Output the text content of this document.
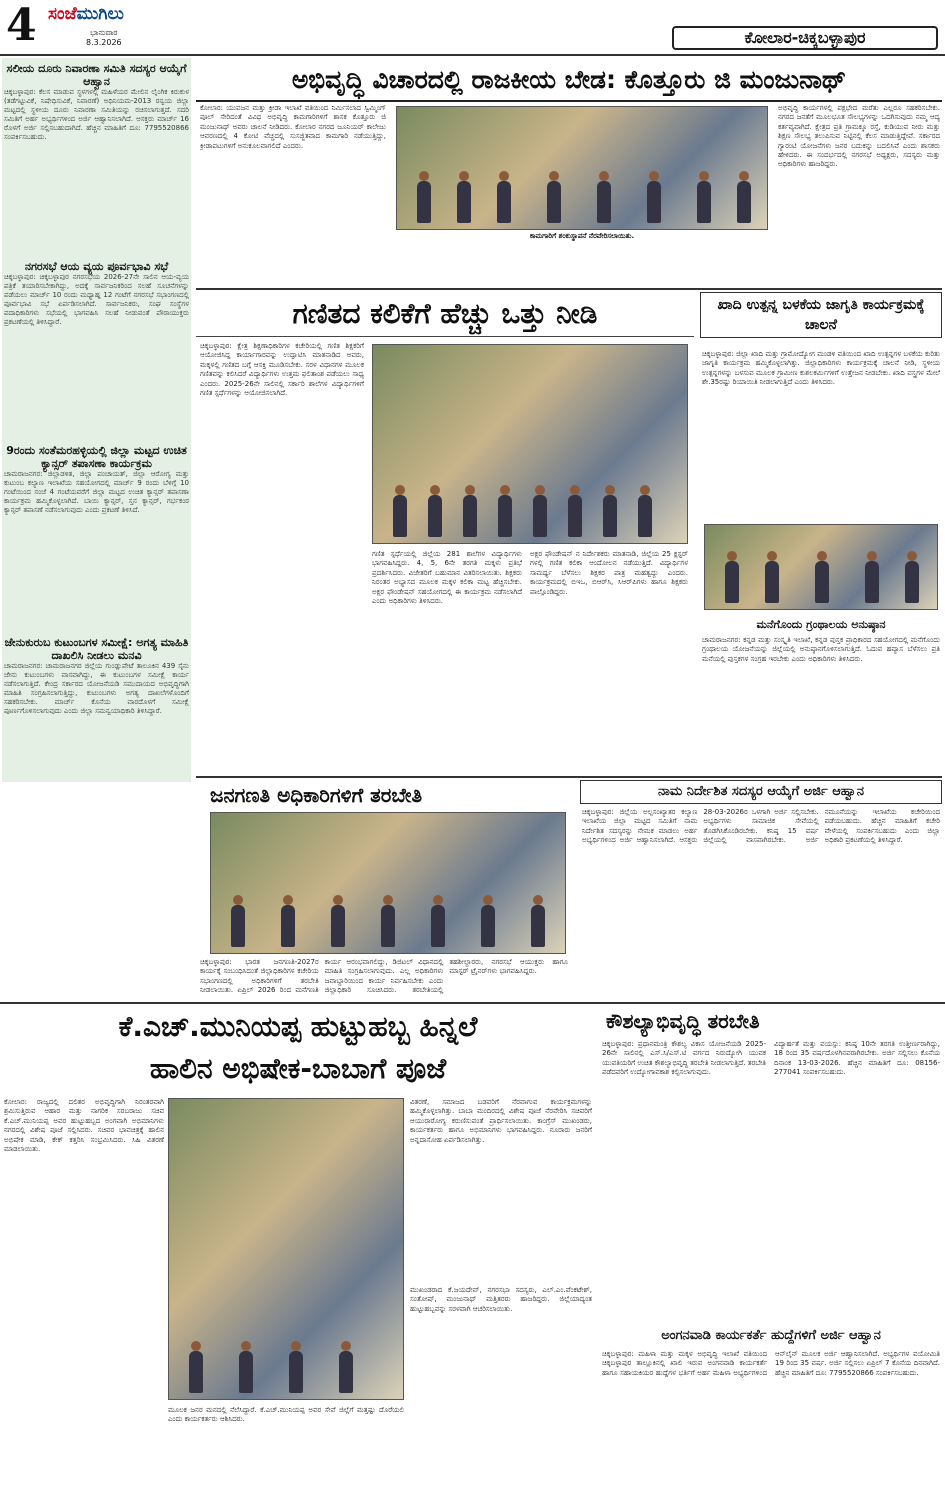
4 ಸಂಜೆಮುಗಿಲು
ಭಾನುವಾರ
8.3.2026	ಕೋಲಾರ-ಚಿಕ್ಕಬಳ್ಳಾಪುರ
ಸಲೀಯ ದೂರು ನಿವಾರಣಾ ಸಮಿತಿ ಸದಸ್ಯರ ಆಯ್ಕೆಗೆ ಆಹ್ವಾನ
ಚಿಕ್ಕಬಳ್ಳಾಪುರ: ಕೆಲಸ ಮಾಡುವ ಸ್ಥಳಗಳಲ್ಲಿ ಮಹಿಳೆಯರ ಮೇಲಿನ ಲೈಂಗಿಕ ಕಿರುಕುಳ (ತಡೆಗಟ್ಟುವಿಕೆ, ನಿಷೇಧಿಸುವಿಕೆ, ನಿವಾರಣೆ) ಅಧಿನಿಯಮ-2013 ರನ್ವಯ ಜಿಲ್ಲಾ ಮಟ್ಟದಲ್ಲಿ ಸ್ಥಳೀಯ ದೂರು ನಿವಾರಣಾ ಸಮಿತಿಯನ್ನು ರಚಿಸಲಾಗುತ್ತದೆ. ಸದರಿ ಸಮಿತಿಗೆ ಅರ್ಹ ಅಭ್ಯರ್ಥಿಗಳಿಂದ ಅರ್ಜಿ ಆಹ್ವಾನಿಸಲಾಗಿದೆ. ಆಸಕ್ತರು ಮಾರ್ಚ್ 16 ರೊಳಗೆ ಅರ್ಜಿ ಸಲ್ಲಿಸಬಹುದಾಗಿದೆ. ಹೆಚ್ಚಿನ ಮಾಹಿತಿಗೆ ದೂ: 7795520866 ಸಂಪರ್ಕಿಸಬಹುದು.
ನಗರಸಭೆ ಆಯ ವ್ಯಯ ಪೂರ್ವಭಾವಿ ಸಭೆ
ಚಿಕ್ಕಬಳ್ಳಾಪುರ: ಚಿಕ್ಕಬಳ್ಳಾಪುರ ನಗರಸಭೆಯ 2026-27ನೇ ಸಾಲಿನ ಆಯ-ವ್ಯಯ ಪತ್ರಿಕೆ ತಯಾರಿಸಬೇಕಾಗಿದ್ದು, ಅದಕ್ಕೆ ಸಾರ್ವಜನಿಕರಿಂದ ಸಲಹೆ ಸೂಚನೆಗಳನ್ನು ಪಡೆಯಲು ಮಾರ್ಚ್ 10 ರಂದು ಮಧ್ಯಾಹ್ನ 12 ಗಂಟೆಗೆ ನಗರಸಭೆ ಸಭಾಂಗಣದಲ್ಲಿ ಪೂರ್ವಭಾವಿ ಸಭೆ ಏರ್ಪಡಿಸಲಾಗಿದೆ. ಸಾರ್ವಜನಿಕರು, ಸಂಘ ಸಂಸ್ಥೆಗಳ ಪದಾಧಿಕಾರಿಗಳು ಸಭೆಯಲ್ಲಿ ಭಾಗವಹಿಸಿ ಸಲಹೆ ನೀಡುವಂತೆ ಪೌರಾಯುಕ್ತರು ಪ್ರಕಟಣೆಯಲ್ಲಿ ತಿಳಿಸಿದ್ದಾರೆ.
9ರಂದು ಸಂತೆಮರಹಳ್ಳಿಯಲ್ಲಿ ಜಿಲ್ಲಾ ಮಟ್ಟದ ಉಚಿತ ಕ್ಯಾನ್ಸರ್ ತಪಾಸಣಾ ಕಾರ್ಯಕ್ರಮ
ಚಾಮರಾಜನಗರ: ಜಿಲ್ಲಾಡಳಿತ, ಜಿಲ್ಲಾ ಪಂಚಾಯತ್, ಜಿಲ್ಲಾ ಆರೋಗ್ಯ ಮತ್ತು ಕುಟುಂಬ ಕಲ್ಯಾಣ ಇಲಾಖೆಯ ಸಹಯೋಗದಲ್ಲಿ ಮಾರ್ಚ್ 9 ರಂದು ಬೆಳಿಗ್ಗೆ 10 ಗಂಟೆಯಿಂದ ಸಂಜೆ 4 ಗಂಟೆಯವರೆಗೆ ಜಿಲ್ಲಾ ಮಟ್ಟದ ಉಚಿತ ಕ್ಯಾನ್ಸರ್ ತಪಾಸಣಾ ಕಾರ್ಯಕ್ರಮ ಹಮ್ಮಿಕೊಳ್ಳಲಾಗಿದೆ. ಬಾಯಿ ಕ್ಯಾನ್ಸರ್, ಸ್ತನ ಕ್ಯಾನ್ಸರ್, ಗರ್ಭಕಂಠ ಕ್ಯಾನ್ಸರ್ ತಪಾಸಣೆ ನಡೆಸಲಾಗುವುದು ಎಂದು ಪ್ರಕಟಣೆ ತಿಳಿಸಿದೆ.
ಜೇನುಕುರುಬ ಕುಟುಂಬಗಳ ಸಮೀಕ್ಷೆ: ಅಗತ್ಯ ಮಾಹಿತಿ ದಾಖಲಿಸಿ ನೀಡಲು ಮನವಿ
ಚಾಮರಾಜನಗರ: ಚಾಮರಾಜನಗರ ಜಿಲ್ಲೆಯ ಗುಂಡ್ಲುಪೇಟೆ ತಾಲೂಕಿನ 439 ಸೈನು ಜೇನು ಕುಟುಂಬಗಳು ವಾಸವಾಗಿದ್ದು, ಈ ಕುಟುಂಬಗಳ ಸಮೀಕ್ಷೆ ಕಾರ್ಯ ನಡೆಸಲಾಗುತ್ತಿದೆ. ಕೇಂದ್ರ ಸರ್ಕಾರದ ಯೋಜನೆಯಡಿ ಸಮುದಾಯದ ಅಭಿವೃದ್ಧಿಗಾಗಿ ಮಾಹಿತಿ ಸಂಗ್ರಹಿಸಲಾಗುತ್ತಿದ್ದು, ಕುಟುಂಬಗಳು ಅಗತ್ಯ ದಾಖಲೆಗಳೊಂದಿಗೆ ಸಹಕರಿಸಬೇಕು. ಮಾರ್ಚ್ ಕೊನೆಯ ವಾರದೊಳಗೆ ಸಮೀಕ್ಷೆ ಪೂರ್ಣಗೊಳಿಸಲಾಗುವುದು ಎಂದು ಜಿಲ್ಲಾ ಸಮನ್ವಯಾಧಿಕಾರಿ ತಿಳಿಸಿದ್ದಾರೆ.
ಅಭಿವೃದ್ಧಿ ವಿಚಾರದಲ್ಲಿ ರಾಜಕೀಯ ಬೇಡ: ಕೊತ್ತೂರು ಜಿ ಮಂಜುನಾಥ್
ಕೋಲಾರ: ಯುವಜನ ಮತ್ತು ಕ್ರೀಡಾ ಇಲಾಖೆ ವತಿಯಿಂದ ನಿರ್ಮಿಸಲಾದ ಸ್ವಿಮ್ಮಿಂಗ್ ಪೂಲ್ ಸೇರಿದಂತೆ ವಿವಿಧ ಅಭಿವೃದ್ಧಿ ಕಾಮಗಾರಿಗಳಿಗೆ ಶಾಸಕ ಕೊತ್ತೂರು ಜಿ ಮಂಜುನಾಥ್ ಅವರು ಚಾಲನೆ ನೀಡಿದರು. ಕೋಲಾರ ನಗರದ ಜೂನಿಯರ್ ಕಾಲೇಜು ಆವರಣದಲ್ಲಿ 4 ಕೋಟಿ ವೆಚ್ಚದಲ್ಲಿ ಸುಸಜ್ಜಿತವಾದ ಕಾಮಗಾರಿ ನಡೆಯುತ್ತಿದ್ದು, ಕ್ರೀಡಾಪಟುಗಳಿಗೆ ಅನುಕೂಲವಾಗಲಿದೆ ಎಂದರು.
ಕಾಮಗಾರಿಗೆ ಶಂಕುಸ್ಥಾಪನೆ ನೆರವೇರಿಸಲಾಯಿತು.
ಅಭಿವೃದ್ಧಿ ಕಾರ್ಯಗಳಲ್ಲಿ ಪಕ್ಷಭೇದ ಮರೆತು ಎಲ್ಲರೂ ಸಹಕರಿಸಬೇಕು. ನಗರದ ಜನತೆಗೆ ಮೂಲಭೂತ ಸೌಲಭ್ಯಗಳನ್ನು ಒದಗಿಸುವುದು ನಮ್ಮ ಆದ್ಯ ಕರ್ತವ್ಯವಾಗಿದೆ. ಕ್ಷೇತ್ರದ ಪ್ರತಿ ಗ್ರಾಮಕ್ಕೂ ರಸ್ತೆ, ಕುಡಿಯುವ ನೀರು ಮತ್ತು ಶಿಕ್ಷಣ ಸೌಲಭ್ಯ ತಲುಪಿಸುವ ನಿಟ್ಟಿನಲ್ಲಿ ಕೆಲಸ ಮಾಡುತ್ತಿದ್ದೇವೆ. ಸರ್ಕಾರದ ಗ್ಯಾರಂಟಿ ಯೋಜನೆಗಳು ಜನರ ಬದುಕನ್ನು ಬದಲಿಸಿವೆ ಎಂದು ಶಾಸಕರು ಹೇಳಿದರು. ಈ ಸಂದರ್ಭದಲ್ಲಿ ನಗರಸಭೆ ಅಧ್ಯಕ್ಷರು, ಸದಸ್ಯರು ಮತ್ತು ಅಧಿಕಾರಿಗಳು ಹಾಜರಿದ್ದರು.
ಗಣಿತದ ಕಲಿಕೆಗೆ ಹೆಚ್ಚು ಒತ್ತು ನೀಡಿ
ಚಿಕ್ಕಬಳ್ಳಾಪುರ: ಕ್ಷೇತ್ರ ಶಿಕ್ಷಣಾಧಿಕಾರಿಗಳ ಕಚೇರಿಯಲ್ಲಿ ಗಣಿತ ಶಿಕ್ಷಕರಿಗೆ ಆಯೋಜಿಸಿದ್ದ ಕಾರ್ಯಾಗಾರವನ್ನು ಉದ್ಘಾಟಿಸಿ ಮಾತನಾಡಿದ ಅವರು, ಮಕ್ಕಳಲ್ಲಿ ಗಣಿತದ ಬಗ್ಗೆ ಆಸಕ್ತಿ ಮೂಡಿಸಬೇಕು. ಸರಳ ವಿಧಾನಗಳ ಮೂಲಕ ಗಣಿತವನ್ನು ಕಲಿಸಿದರೆ ವಿದ್ಯಾರ್ಥಿಗಳು ಉತ್ತಮ ಫಲಿತಾಂಶ ಪಡೆಯಲು ಸಾಧ್ಯ ಎಂದರು. 2025-26ನೇ ಸಾಲಿನಲ್ಲಿ ಸರ್ಕಾರಿ ಶಾಲೆಗಳ ವಿದ್ಯಾರ್ಥಿಗಳಿಗೆ ಗಣಿತ ಸ್ಪರ್ಧೆಗಳನ್ನು ಆಯೋಜಿಸಲಾಗಿದೆ.
ಗಣಿತ ಸ್ಪರ್ಧೆಯಲ್ಲಿ ಜಿಲ್ಲೆಯ 281 ಶಾಲೆಗಳ ವಿದ್ಯಾರ್ಥಿಗಳು ಭಾಗವಹಿಸಿದ್ದರು. 4, 5, 6ನೇ ತರಗತಿ ಮಕ್ಕಳು ಪ್ರತಿಭೆ ಪ್ರದರ್ಶಿಸಿದರು. ವಿಜೇತರಿಗೆ ಬಹುಮಾನ ವಿತರಿಸಲಾಯಿತು. ಶಿಕ್ಷಕರು ನಿರಂತರ ಅಭ್ಯಾಸದ ಮೂಲಕ ಮಕ್ಕಳ ಕಲಿಕಾ ಮಟ್ಟ ಹೆಚ್ಚಿಸಬೇಕು. ಅಕ್ಷರ ಫೌಂಡೇಷನ್ ಸಹಯೋಗದಲ್ಲಿ ಈ ಕಾರ್ಯಕ್ರಮ ನಡೆಸಲಾಗಿದೆ ಎಂದು ಅಧಿಕಾರಿಗಳು ತಿಳಿಸಿದರು.
ಅಕ್ಷರ ಫೌಂಡೇಷನ್ ನ ನಿರ್ದೇಶಕರು ಮಾತನಾಡಿ, ಜಿಲ್ಲೆಯ 25 ಕ್ಲಸ್ಟರ್ ಗಳಲ್ಲಿ ಗಣಿತ ಕಲಿಕಾ ಆಂದೋಲನ ನಡೆಯುತ್ತಿದೆ. ವಿದ್ಯಾರ್ಥಿಗಳ ಸಾಮರ್ಥ್ಯ ಬೆಳೆಸಲು ಶಿಕ್ಷಕರ ಪಾತ್ರ ಮಹತ್ವದ್ದು ಎಂದರು. ಕಾರ್ಯಕ್ರಮದಲ್ಲಿ ಬಿಇಒ, ಬಿಆರ್‌ಸಿ, ಸಿಆರ್‌ಪಿಗಳು ಹಾಗೂ ಶಿಕ್ಷಕರು ಪಾಲ್ಗೊಂಡಿದ್ದರು.
ಖಾದಿ ಉತ್ಪನ್ನ ಬಳಕೆಯ ಜಾಗೃತಿ ಕಾರ್ಯಕ್ರಮಕ್ಕೆ ಚಾಲನೆ
ಚಿಕ್ಕಬಳ್ಳಾಪುರ: ಜಿಲ್ಲಾ ಖಾದಿ ಮತ್ತು ಗ್ರಾಮೋದ್ಯೋಗ ಮಂಡಳಿ ವತಿಯಿಂದ ಖಾದಿ ಉತ್ಪನ್ನಗಳ ಬಳಕೆಯ ಕುರಿತು ಜಾಗೃತಿ ಕಾರ್ಯಕ್ರಮ ಹಮ್ಮಿಕೊಳ್ಳಲಾಗಿತ್ತು. ಜಿಲ್ಲಾಧಿಕಾರಿಗಳು ಕಾರ್ಯಕ್ರಮಕ್ಕೆ ಚಾಲನೆ ನೀಡಿ, ಸ್ಥಳೀಯ ಉತ್ಪನ್ನಗಳನ್ನು ಬಳಸುವ ಮೂಲಕ ಗ್ರಾಮೀಣ ಕುಶಲಕರ್ಮಿಗಳಿಗೆ ಉತ್ತೇಜನ ನೀಡಬೇಕು. ಖಾದಿ ವಸ್ತ್ರಗಳ ಮೇಲೆ ಶೇ.35ರಷ್ಟು ರಿಯಾಯಿತಿ ನೀಡಲಾಗುತ್ತಿದೆ ಎಂದು ತಿಳಿಸಿದರು.
ಮನೆಗೊಂದು ಗ್ರಂಥಾಲಯ ಅನುಷ್ಠಾನ
ಚಾಮರಾಜನಗರ: ಕನ್ನಡ ಮತ್ತು ಸಂಸ್ಕೃತಿ ಇಲಾಖೆ, ಕನ್ನಡ ಪುಸ್ತಕ ಪ್ರಾಧಿಕಾರದ ಸಹಯೋಗದಲ್ಲಿ ಮನೆಗೊಂದು ಗ್ರಂಥಾಲಯ ಯೋಜನೆಯನ್ನು ಜಿಲ್ಲೆಯಲ್ಲಿ ಅನುಷ್ಠಾನಗೊಳಿಸಲಾಗುತ್ತಿದೆ. ಓದುವ ಹವ್ಯಾಸ ಬೆಳೆಸಲು ಪ್ರತಿ ಮನೆಯಲ್ಲಿ ಪುಸ್ತಕಗಳ ಸಂಗ್ರಹ ಇರಬೇಕು ಎಂದು ಅಧಿಕಾರಿಗಳು ತಿಳಿಸಿದರು.
ಜನಗಣತಿ ಅಧಿಕಾರಿಗಳಿಗೆ ತರಬೇತಿ
ಚಿಕ್ಕಬಳ್ಳಾಪುರ: ಭಾರತ ಜನಗಣತಿ-2027ರ ಕಾರ್ಯಕ್ಕೆ ಸಂಬಂಧಿಸಿದಂತೆ ಜಿಲ್ಲಾಧಿಕಾರಿಗಳ ಕಚೇರಿಯ ಸಭಾಂಗಣದಲ್ಲಿ ಅಧಿಕಾರಿಗಳಿಗೆ ತರಬೇತಿ ನೀಡಲಾಯಿತು. ಏಪ್ರಿಲ್ 2026 ರಿಂದ ಮನೆಗಣತಿ ಕಾರ್ಯ ಆರಂಭವಾಗಲಿದ್ದು, ಡಿಜಿಟಲ್ ವಿಧಾನದಲ್ಲಿ ಮಾಹಿತಿ ಸಂಗ್ರಹಿಸಲಾಗುವುದು. ಎಲ್ಲ ಅಧಿಕಾರಿಗಳು ಜವಾಬ್ದಾರಿಯಿಂದ ಕಾರ್ಯ ನಿರ್ವಹಿಸಬೇಕು ಎಂದು ಜಿಲ್ಲಾಧಿಕಾರಿ ಸೂಚಿಸಿದರು. ತರಬೇತಿಯಲ್ಲಿ ತಹಶೀಲ್ದಾರರು, ನಗರಸಭೆ ಆಯುಕ್ತರು ಹಾಗೂ ಮಾಸ್ಟರ್ ಟ್ರೈನರ್‌ಗಳು ಭಾಗವಹಿಸಿದ್ದರು.
ನಾಮ ನಿರ್ದೇಶಿತ ಸದಸ್ಯರ ಆಯ್ಕೆಗೆ ಅರ್ಜಿ ಆಹ್ವಾನ
ಚಿಕ್ಕಬಳ್ಳಾಪುರ: ಜಿಲ್ಲೆಯ ಅಲ್ಪಸಂಖ್ಯಾತರ ಕಲ್ಯಾಣ ಇಲಾಖೆಯ ಜಿಲ್ಲಾ ಮಟ್ಟದ ಸಮಿತಿಗೆ ನಾಮ ನಿರ್ದೇಶಿತ ಸದಸ್ಯರನ್ನು ನೇಮಕ ಮಾಡಲು ಅರ್ಹ ಅಭ್ಯರ್ಥಿಗಳಿಂದ ಅರ್ಜಿ ಆಹ್ವಾನಿಸಲಾಗಿದೆ. ಆಸಕ್ತರು 28-03-2026ರ ಒಳಗಾಗಿ ಅರ್ಜಿ ಸಲ್ಲಿಸಬೇಕು. ಅಭ್ಯರ್ಥಿಗಳು ಸಾಮಾಜಿಕ ಸೇವೆಯಲ್ಲಿ ತೊಡಗಿಸಿಕೊಂಡಿರಬೇಕು. ಕನಿಷ್ಠ 15 ವರ್ಷ ಜಿಲ್ಲೆಯಲ್ಲಿ ವಾಸವಾಗಿರಬೇಕು. ಅರ್ಜಿ ನಮೂನೆಯನ್ನು ಇಲಾಖೆಯ ಕಚೇರಿಯಿಂದ ಪಡೆಯಬಹುದು. ಹೆಚ್ಚಿನ ಮಾಹಿತಿಗೆ ಕಚೇರಿ ವೇಳೆಯಲ್ಲಿ ಸಂಪರ್ಕಿಸಬಹುದು ಎಂದು ಜಿಲ್ಲಾ ಅಧಿಕಾರಿ ಪ್ರಕಟಣೆಯಲ್ಲಿ ತಿಳಿಸಿದ್ದಾರೆ.
ಕೆ.ಎಚ್.ಮುನಿಯಪ್ಪ ಹುಟ್ಟುಹಬ್ಬ ಹಿನ್ನಲೆ
ಹಾಲಿನ ಅಭಿಷೇಕ-ಬಾಬಾಗೆ ಪೂಜೆ
ಕೋಲಾರ: ರಾಜ್ಯದಲ್ಲಿ ದಲಿತರ ಅಭಿವೃದ್ಧಿಗಾಗಿ ನಿರಂತರವಾಗಿ ಶ್ರಮಿಸುತ್ತಿರುವ ಆಹಾರ ಮತ್ತು ನಾಗರಿಕ ಸರಬರಾಜು ಸಚಿವ ಕೆ.ಎಚ್.ಮುನಿಯಪ್ಪ ಅವರ ಹುಟ್ಟುಹಬ್ಬದ ಅಂಗವಾಗಿ ಅಭಿಮಾನಿಗಳು ನಗರದಲ್ಲಿ ವಿಶೇಷ ಪೂಜೆ ಸಲ್ಲಿಸಿದರು. ಸಚಿವರ ಭಾವಚಿತ್ರಕ್ಕೆ ಹಾಲಿನ ಅಭಿಷೇಕ ಮಾಡಿ, ಕೇಕ್ ಕತ್ತರಿಸಿ ಸಂಭ್ರಮಿಸಿದರು. ಸಿಹಿ ವಿತರಣೆ ಮಾಡಲಾಯಿತು.
ವಿತರಣೆ, ಸಮಾಜದ ಬಡವರಿಗೆ ನೆರವಾಗುವ ಕಾರ್ಯಕ್ರಮಗಳನ್ನು ಹಮ್ಮಿಕೊಳ್ಳಲಾಗಿತ್ತು. ಬಾಬಾ ಮಂದಿರದಲ್ಲಿ ವಿಶೇಷ ಪೂಜೆ ನೆರವೇರಿಸಿ ಸಚಿವರಿಗೆ ಆಯುರಾರೋಗ್ಯ ಕರುಣಿಸುವಂತೆ ಪ್ರಾರ್ಥಿಸಲಾಯಿತು. ಕಾಂಗ್ರೆಸ್ ಮುಖಂಡರು, ಕಾರ್ಯಕರ್ತರು ಹಾಗೂ ಅಭಿಮಾನಿಗಳು ಭಾಗವಹಿಸಿದ್ದರು. ನೂರಾರು ಜನರಿಗೆ ಅನ್ನದಾಸೋಹ ಏರ್ಪಡಿಸಲಾಗಿತ್ತು.
ಮುಖಂಡರಾದ ಕೆ.ಜಯದೇವ್, ನಗರಸಭಾ ಸದಸ್ಯರು, ಎಲ್.ಎಂ.ವೆಂಕಟೇಶ್, ಸಂತೋಷ್, ಮಂಜುನಾಥ್ ಮತ್ತಿತರರು ಹಾಜರಿದ್ದರು. ಜಿಲ್ಲೆಯಾದ್ಯಂತ ಹುಟ್ಟುಹಬ್ಬವನ್ನು ಸರಳವಾಗಿ ಆಚರಿಸಲಾಯಿತು.
ಮೂಲಕ ಜನರ ಮನದಲ್ಲಿ ನೆಲೆಸಿದ್ದಾರೆ. ಕೆ.ಎಚ್.ಮುನಿಯಪ್ಪ ಅವರ ಸೇವೆ ಜಿಲ್ಲೆಗೆ ಮತ್ತಷ್ಟು ದೊರೆಯಲಿ ಎಂದು ಕಾರ್ಯಕರ್ತರು ಆಶಿಸಿದರು.
ಕೌಶಲ್ಯಾಭಿವೃದ್ಧಿ ತರಬೇತಿ
ಚಿಕ್ಕಬಳ್ಳಾಪುರ: ಪ್ರಧಾನಮಂತ್ರಿ ಕೌಶಲ್ಯ ವಿಕಾಸ ಯೋಜನೆಯಡಿ 2025-26ನೇ ಸಾಲಿನಲ್ಲಿ ಎಸ್.ಸಿ/ಎಸ್.ಟಿ ವರ್ಗದ ನಿರುದ್ಯೋಗಿ ಯುವಕ ಯುವತಿಯರಿಗೆ ಉಚಿತ ಕೌಶಲ್ಯಾಭಿವೃದ್ಧಿ ತರಬೇತಿ ನೀಡಲಾಗುತ್ತಿದೆ. ತರಬೇತಿ ಪಡೆದವರಿಗೆ ಉದ್ಯೋಗಾವಕಾಶ ಕಲ್ಪಿಸಲಾಗುವುದು.
ವಿದ್ಯಾರ್ಹತೆ ಮತ್ತು ವಯಸ್ಸು: ಕನಿಷ್ಠ 10ನೇ ತರಗತಿ ಉತ್ತೀರ್ಣರಾಗಿದ್ದು, 18 ರಿಂದ 35 ವರ್ಷದೊಳಗಿನವರಾಗಿರಬೇಕು. ಅರ್ಜಿ ಸಲ್ಲಿಸಲು ಕೊನೆಯ ದಿನಾಂಕ 13-03-2026. ಹೆಚ್ಚಿನ ಮಾಹಿತಿಗೆ ದೂ: 08156-277041 ಸಂಪರ್ಕಿಸಬಹುದು.
ಅಂಗನವಾಡಿ ಕಾರ್ಯಕರ್ತೆ ಹುದ್ದೆಗಳಿಗೆ ಅರ್ಜಿ ಆಹ್ವಾನ
ಚಿಕ್ಕಬಳ್ಳಾಪುರ: ಮಹಿಳಾ ಮತ್ತು ಮಕ್ಕಳ ಅಭಿವೃದ್ಧಿ ಇಲಾಖೆ ವತಿಯಿಂದ ಚಿಕ್ಕಬಳ್ಳಾಪುರ ತಾಲ್ಲೂಕಿನಲ್ಲಿ ಖಾಲಿ ಇರುವ ಅಂಗನವಾಡಿ ಕಾರ್ಯಕರ್ತೆ ಹಾಗೂ ಸಹಾಯಕಿಯರ ಹುದ್ದೆಗಳ ಭರ್ತಿಗೆ ಅರ್ಹ ಮಹಿಳಾ ಅಭ್ಯರ್ಥಿಗಳಿಂದ ಆನ್‌ಲೈನ್ ಮೂಲಕ ಅರ್ಜಿ ಆಹ್ವಾನಿಸಲಾಗಿದೆ. ಅಭ್ಯರ್ಥಿಗಳ ವಯೋಮಿತಿ 19 ರಿಂದ 35 ವರ್ಷ. ಅರ್ಜಿ ಸಲ್ಲಿಸಲು ಏಪ್ರಿಲ್ 7 ಕೊನೆಯ ದಿನವಾಗಿದೆ. ಹೆಚ್ಚಿನ ಮಾಹಿತಿಗೆ ದೂ: 7795520866 ಸಂಪರ್ಕಿಸಬಹುದು.
